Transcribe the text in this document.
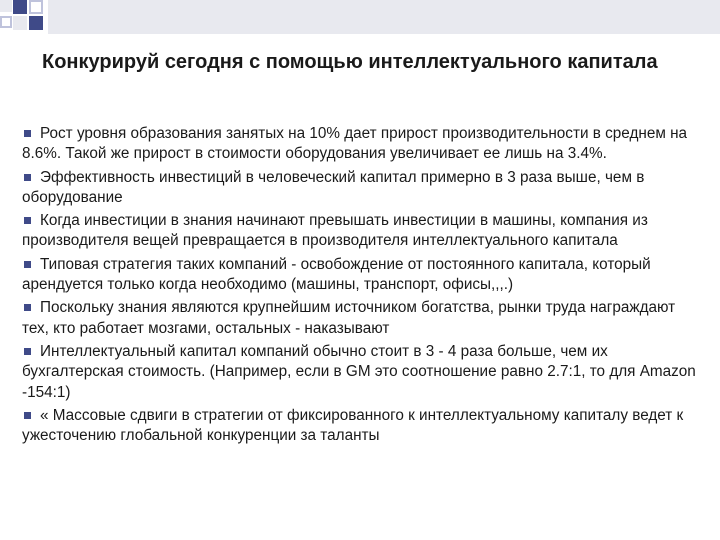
Конкурируй сегодня с помощью интеллектуального капитала
Рост уровня образования занятых на 10% дает прирост производительности в среднем на 8.6%. Такой же прирост в стоимости оборудования увеличивает ее лишь на 3.4%.
Эффективность инвестиций в человеческий капитал примерно в 3 раза выше, чем в оборудование
Когда инвестиции в знания начинают превышать инвестиции в машины, компания из производителя вещей превращается в производителя интеллектуального капитала
Типовая стратегия таких компаний - освобождение от постоянного капитала, который арендуется только когда необходимо (машины, транспорт, офисы,,,.)
Поскольку знания являются крупнейшим источником богатства, рынки труда награждают тех, кто работает мозгами, остальных - наказывают
Интеллектуальный капитал компаний обычно стоит в 3 - 4 раза больше, чем их бухгалтерская стоимость. (Например, если в GM это соотношение равно 2.7:1, то для Amazon -154:1)
« Массовые сдвиги в стратегии от фиксированного к интеллектуальному капиталу ведет к ужесточению глобальной конкуренции за таланты
